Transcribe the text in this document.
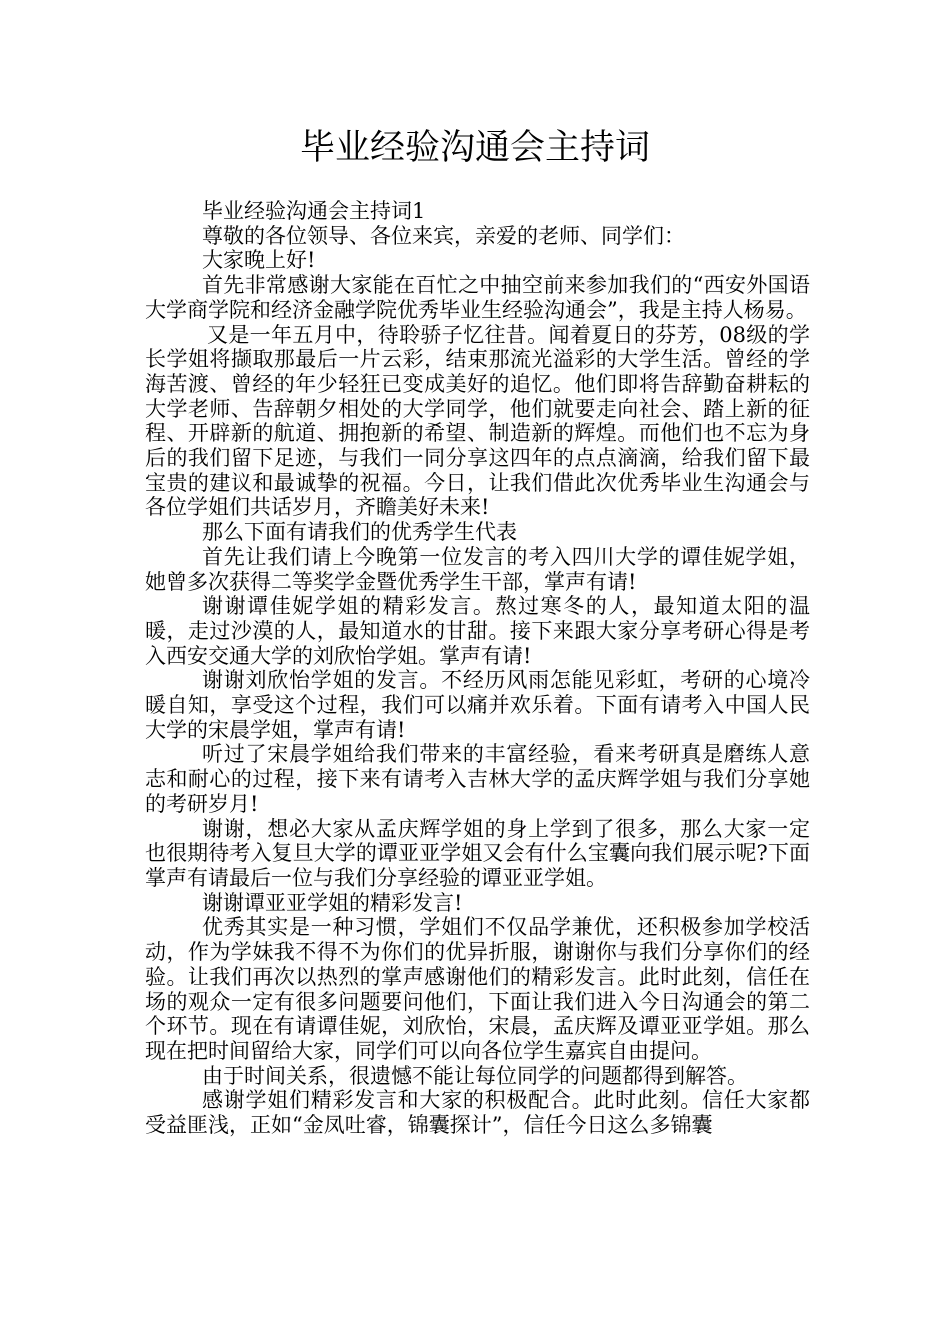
毕业经验沟通会主持词

毕业经验沟通会主持词1

尊敬的各位领导、各位来宾，亲爱的老师、同学们：

大家晚上好!

首先非常感谢大家能在百忙之中抽空前来参加我们的“西安外国语大学商学院和经济金融学院优秀毕业生经验沟通会”，我是主持人杨易。

又是一年五月中，待聆骄子忆往昔。闻着夏日的芬芳，08级的学长学姐将撷取那最后一片云彩，结束那流光溢彩的大学生活。曾经的学海苦渡、曾经的年少轻狂已变成美好的追忆。他们即将告辞勤奋耕耘的大学老师、告辞朝夕相处的大学同学，他们就要走向社会、踏上新的征程、开辟新的航道、拥抱新的希望、制造新的辉煌。而他们也不忘为身后的我们留下足迹，与我们一同分享这四年的点点滴滴，给我们留下最宝贵的建议和最诚挚的祝福。今日，让我们借此次优秀毕业生沟通会与各位学姐们共话岁月，齐瞻美好未来!

那么下面有请我们的优秀学生代表

首先让我们请上今晚第一位发言的考入四川大学的谭佳妮学姐，她曾多次获得二等奖学金暨优秀学生干部，掌声有请!

谢谢谭佳妮学姐的精彩发言。熬过寒冬的人，最知道太阳的温暖，走过沙漠的人，最知道水的甘甜。接下来跟大家分享考研心得是考入西安交通大学的刘欣怡学姐。掌声有请!

谢谢刘欣怡学姐的发言。不经历风雨怎能见彩虹，考研的心境冷暖自知，享受这个过程，我们可以痛并欢乐着。下面有请考入中国人民大学的宋晨学姐，掌声有请!

听过了宋晨学姐给我们带来的丰富经验，看来考研真是磨练人意志和耐心的过程，接下来有请考入吉林大学的孟庆辉学姐与我们分享她的考研岁月!

谢谢，想必大家从孟庆辉学姐的身上学到了很多，那么大家一定也很期待考入复旦大学的谭亚亚学姐又会有什么宝囊向我们展示呢?下面掌声有请最后一位与我们分享经验的谭亚亚学姐。

谢谢谭亚亚学姐的精彩发言!

优秀其实是一种习惯，学姐们不仅品学兼优，还积极参加学校活动，作为学妹我不得不为你们的优异折服，谢谢你与我们分享你们的经验。让我们再次以热烈的掌声感谢他们的精彩发言。此时此刻，信任在场的观众一定有很多问题要问他们，下面让我们进入今日沟通会的第二个环节。现在有请谭佳妮，刘欣怡，宋晨，孟庆辉及谭亚亚学姐。那么现在把时间留给大家，同学们可以向各位学生嘉宾自由提问。

由于时间关系，很遗憾不能让每位同学的问题都得到解答。

感谢学姐们精彩发言和大家的积极配合。此时此刻。信任大家都受益匪浅，正如“金凤吐睿，锦囊探计”，信任今日这么多锦囊
